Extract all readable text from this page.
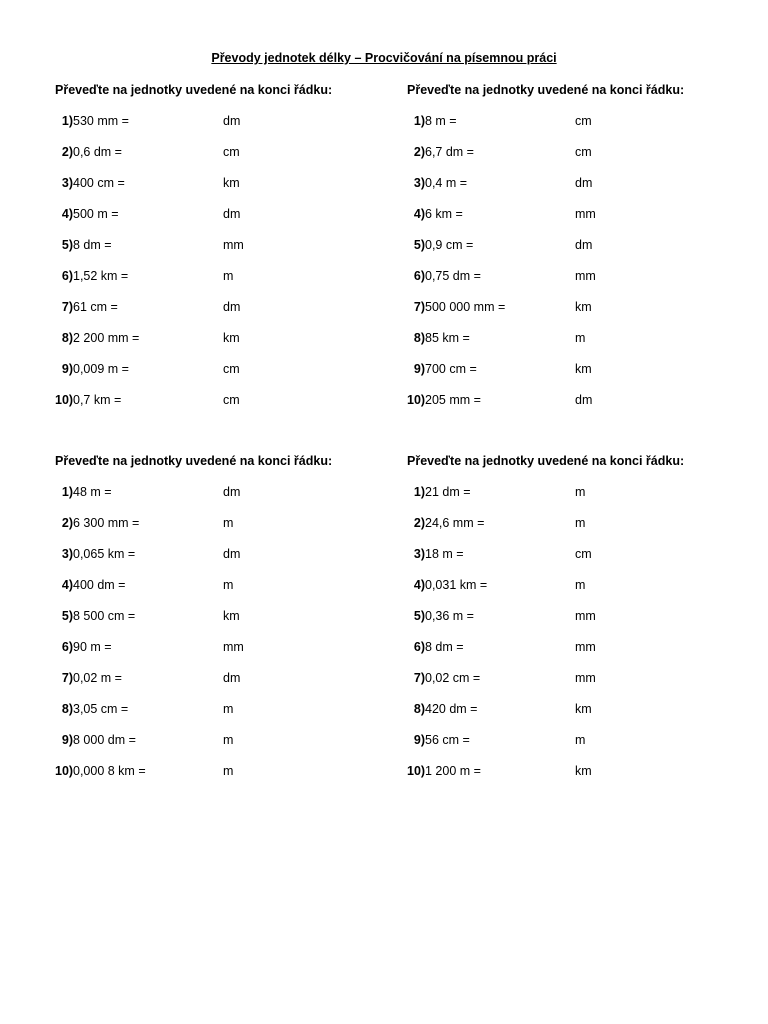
Převody jednotek délky – Procvičování na písemnou práci
Převeďte na jednotky uvedené na konci řádku:
1) 530 mm =	dm
2) 0,6 dm =	cm
3) 400 cm =	km
4) 500 m =	dm
5) 8 dm =	mm
6) 1,52 km =	m
7) 61 cm =	dm
8) 2 200 mm =	km
9) 0,009 m =	cm
10) 0,7 km =	cm
Převeďte na jednotky uvedené na konci řádku:
1) 8 m =	cm
2) 6,7 dm =	cm
3) 0,4 m =	dm
4) 6 km =	mm
5) 0,9 cm =	dm
6) 0,75 dm =	mm
7) 500 000 mm =	km
8) 85 km =	m
9) 700 cm =	km
10) 205 mm =	dm
Převeďte na jednotky uvedené na konci řádku:
1) 48 m =	dm
2) 6 300 mm =	m
3) 0,065 km =	dm
4) 400 dm =	m
5) 8 500 cm =	km
6) 90 m =	mm
7) 0,02 m =	dm
8) 3,05 cm =	m
9) 8 000 dm =	m
10) 0,000 8 km =	m
Převeďte na jednotky uvedené na konci řádku:
1) 21 dm =	m
2) 24,6 mm =	m
3) 18 m =	cm
4) 0,031 km =	m
5) 0,36 m =	mm
6) 8 dm =	mm
7) 0,02 cm =	mm
8) 420 dm =	km
9) 56 cm =	m
10) 1 200 m =	km
